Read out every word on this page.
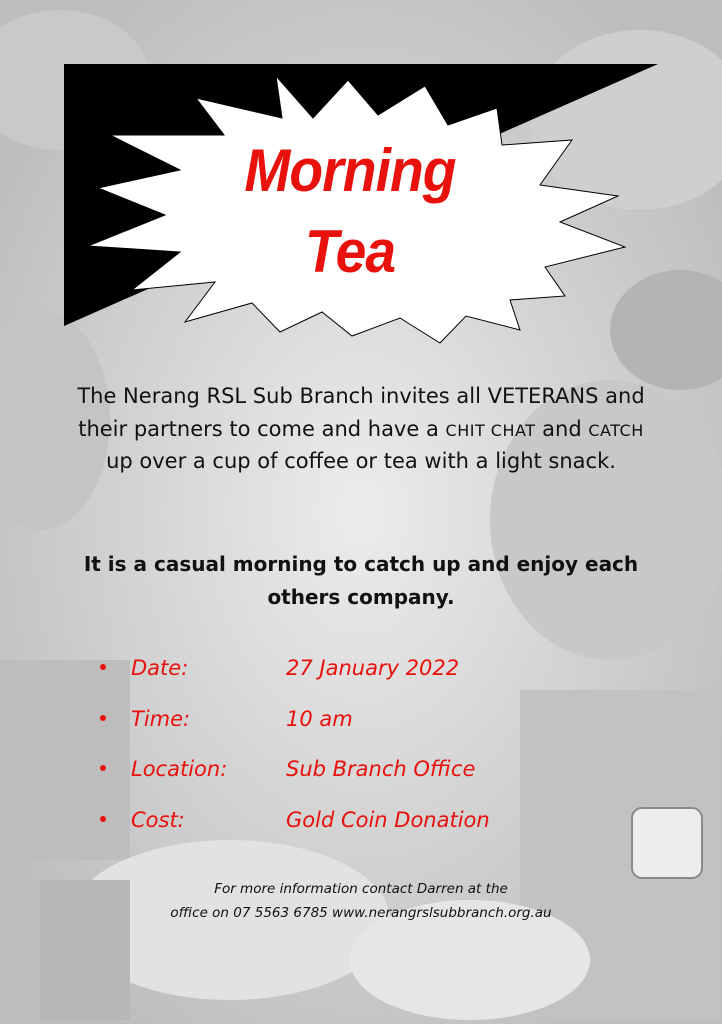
Morning
Tea
The Nerang RSL Sub Branch invites all VETERANS and their partners to come and have a CHIT CHAT and CATCH up over a cup of coffee or tea with a light snack.
It is a casual morning to catch up and enjoy each others company.
Date:	27 January 2022
Time:	10 am
Location:	Sub Branch Office
Cost:	Gold Coin Donation
For more information contact Darren at the
office on 07 5563 6785 www.nerangrslsubbranch.org.au
